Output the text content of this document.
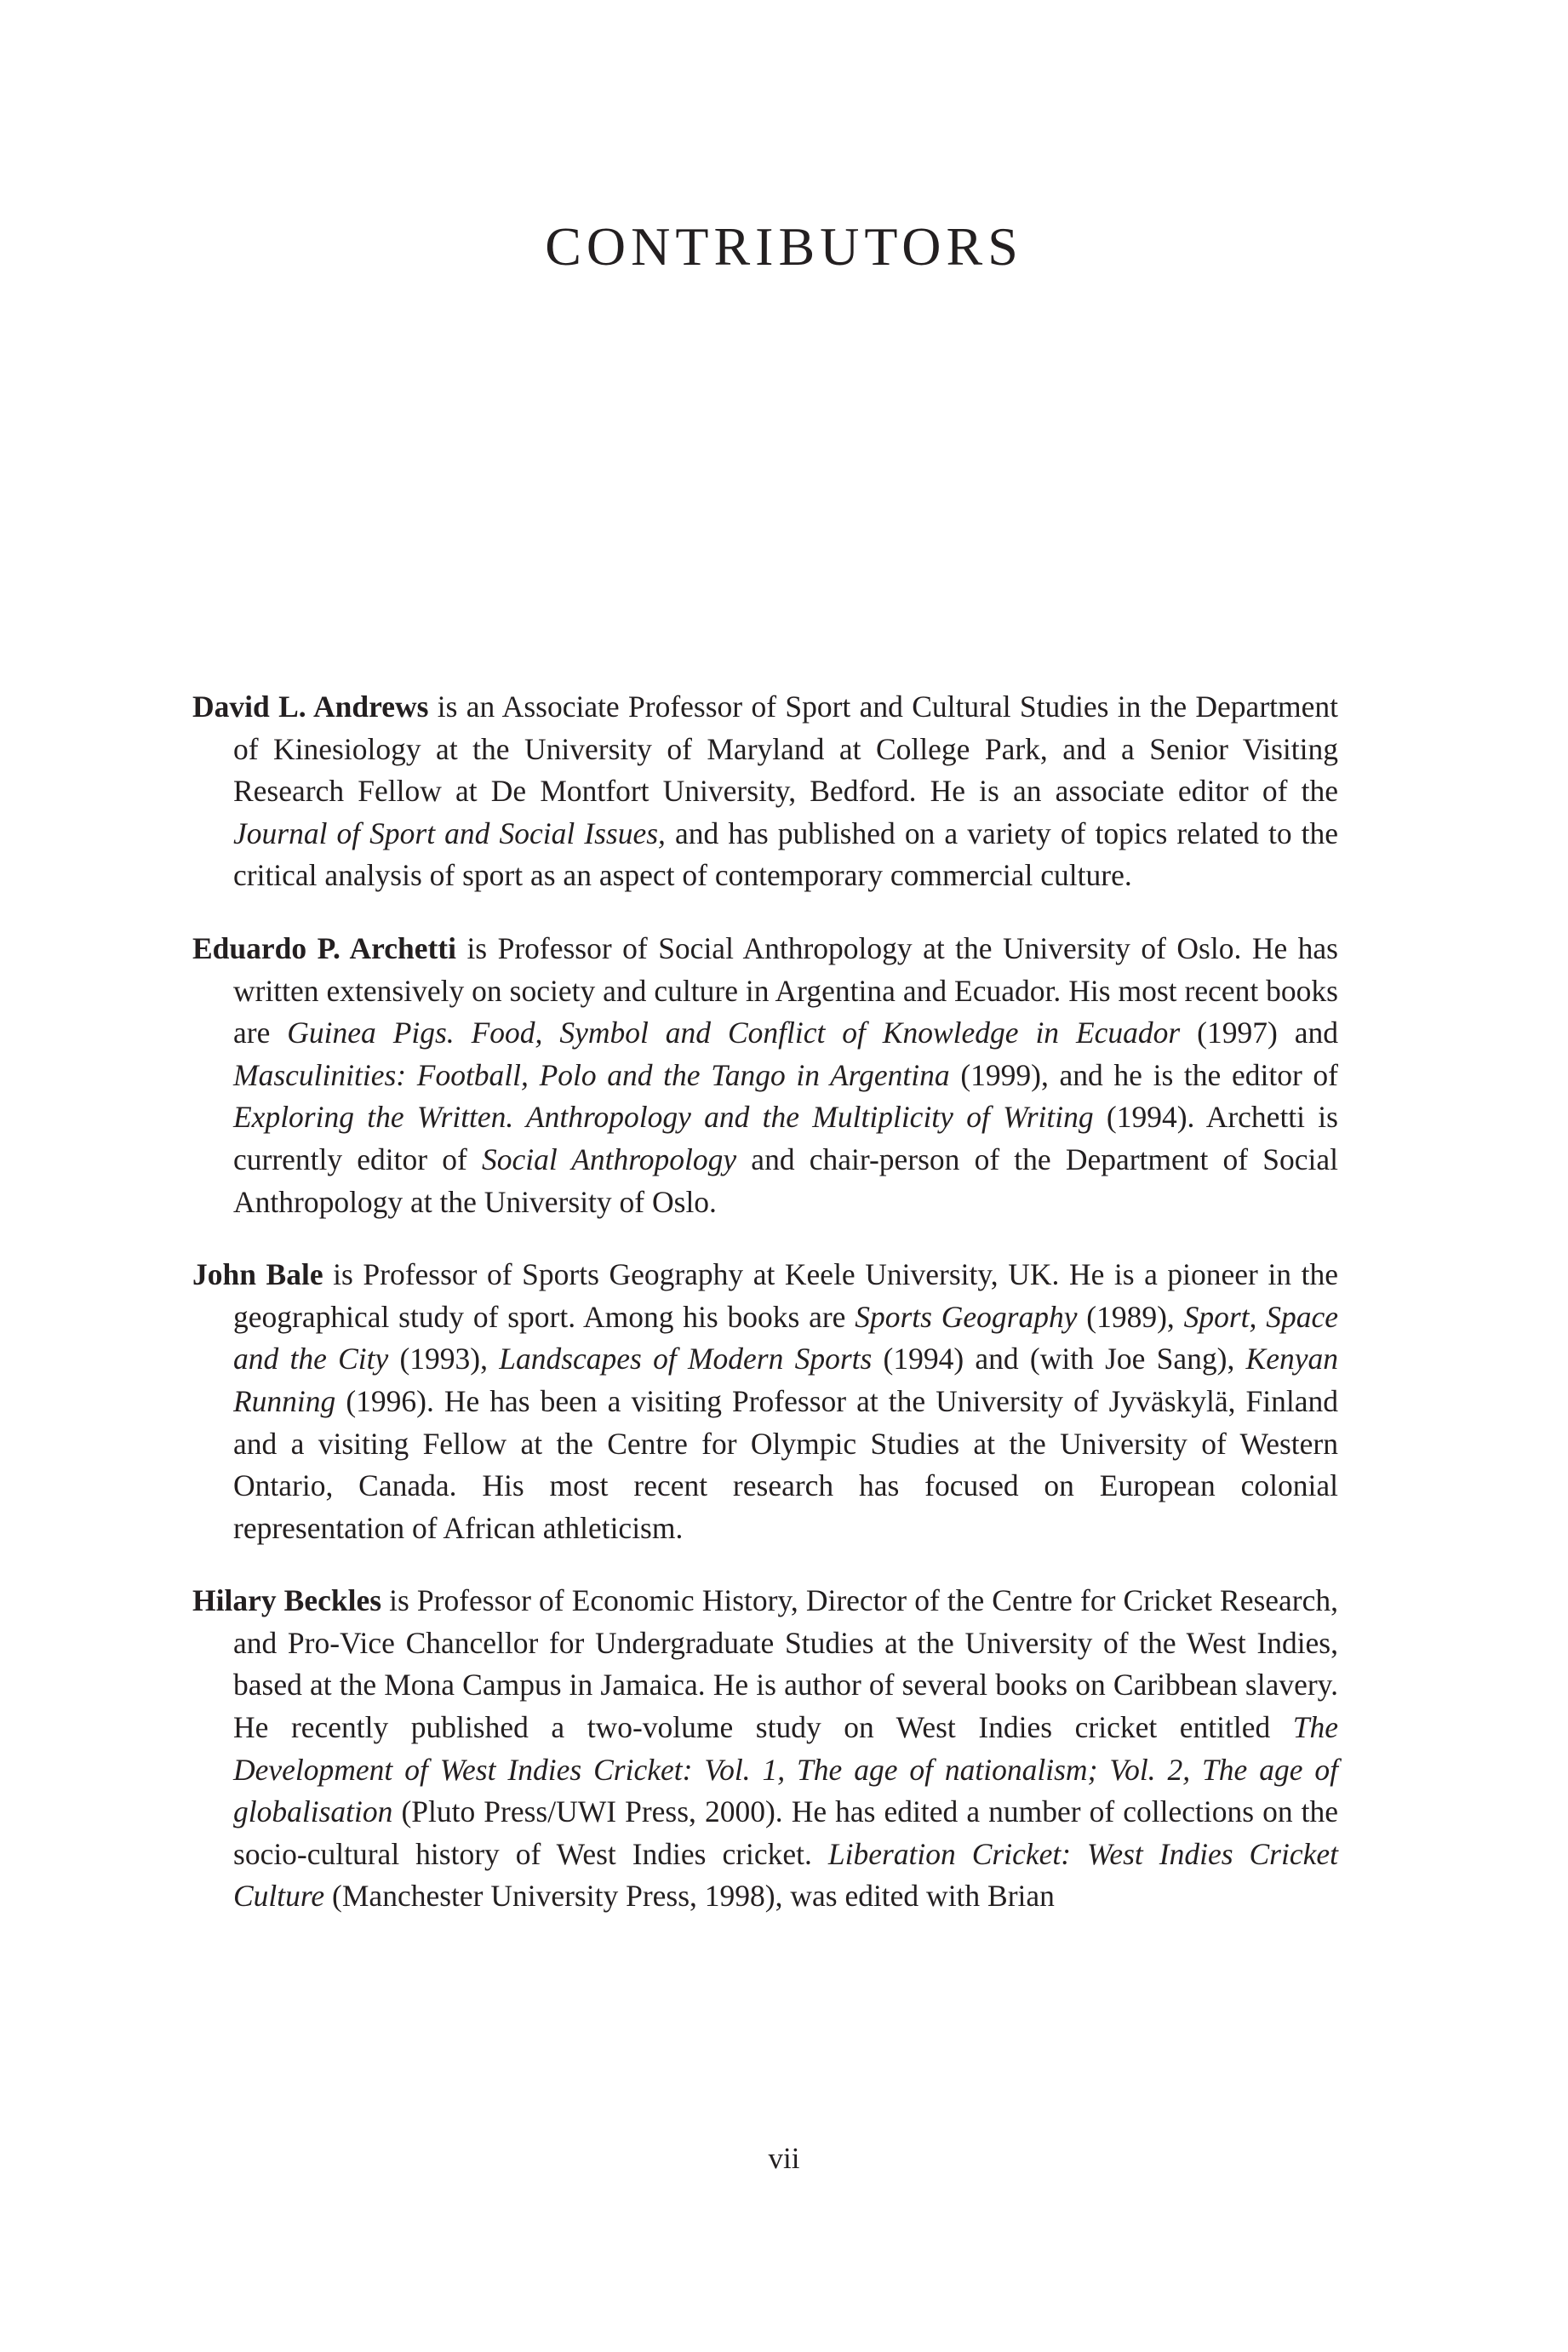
CONTRIBUTORS

David L. Andrews is an Associate Professor of Sport and Cultural Studies in the Department of Kinesiology at the University of Maryland at College Park, and a Senior Visiting Research Fellow at De Montfort University, Bedford. He is an associate editor of the Journal of Sport and Social Issues, and has published on a variety of topics related to the critical analysis of sport as an aspect of contemporary commercial culture.

Eduardo P. Archetti is Professor of Social Anthropology at the University of Oslo. He has written extensively on society and culture in Argentina and Ecuador. His most recent books are Guinea Pigs. Food, Symbol and Conflict of Knowledge in Ecuador (1997) and Masculinities: Football, Polo and the Tango in Argentina (1999), and he is the editor of Exploring the Written. Anthropology and the Multiplicity of Writing (1994). Archetti is currently editor of Social Anthropology and chair-person of the Department of Social Anthropology at the University of Oslo.

John Bale is Professor of Sports Geography at Keele University, UK. He is a pioneer in the geographical study of sport. Among his books are Sports Geography (1989), Sport, Space and the City (1993), Landscapes of Modern Sports (1994) and (with Joe Sang), Kenyan Running (1996). He has been a visiting Professor at the University of Jyväskylä, Finland and a visiting Fellow at the Centre for Olympic Studies at the University of Western Ontario, Canada. His most recent research has focused on European colonial representation of African athleticism.

Hilary Beckles is Professor of Economic History, Director of the Centre for Cricket Research, and Pro-Vice Chancellor for Undergraduate Studies at the University of the West Indies, based at the Mona Campus in Jamaica. He is author of several books on Caribbean slavery. He recently published a two-volume study on West Indies cricket entitled The Development of West Indies Cricket: Vol. 1, The age of nationalism; Vol. 2, The age of globalisation (Pluto Press/UWI Press, 2000). He has edited a number of collections on the socio-cultural history of West Indies cricket. Liberation Cricket: West Indies Cricket Culture (Manchester University Press, 1998), was edited with Brian

vii
